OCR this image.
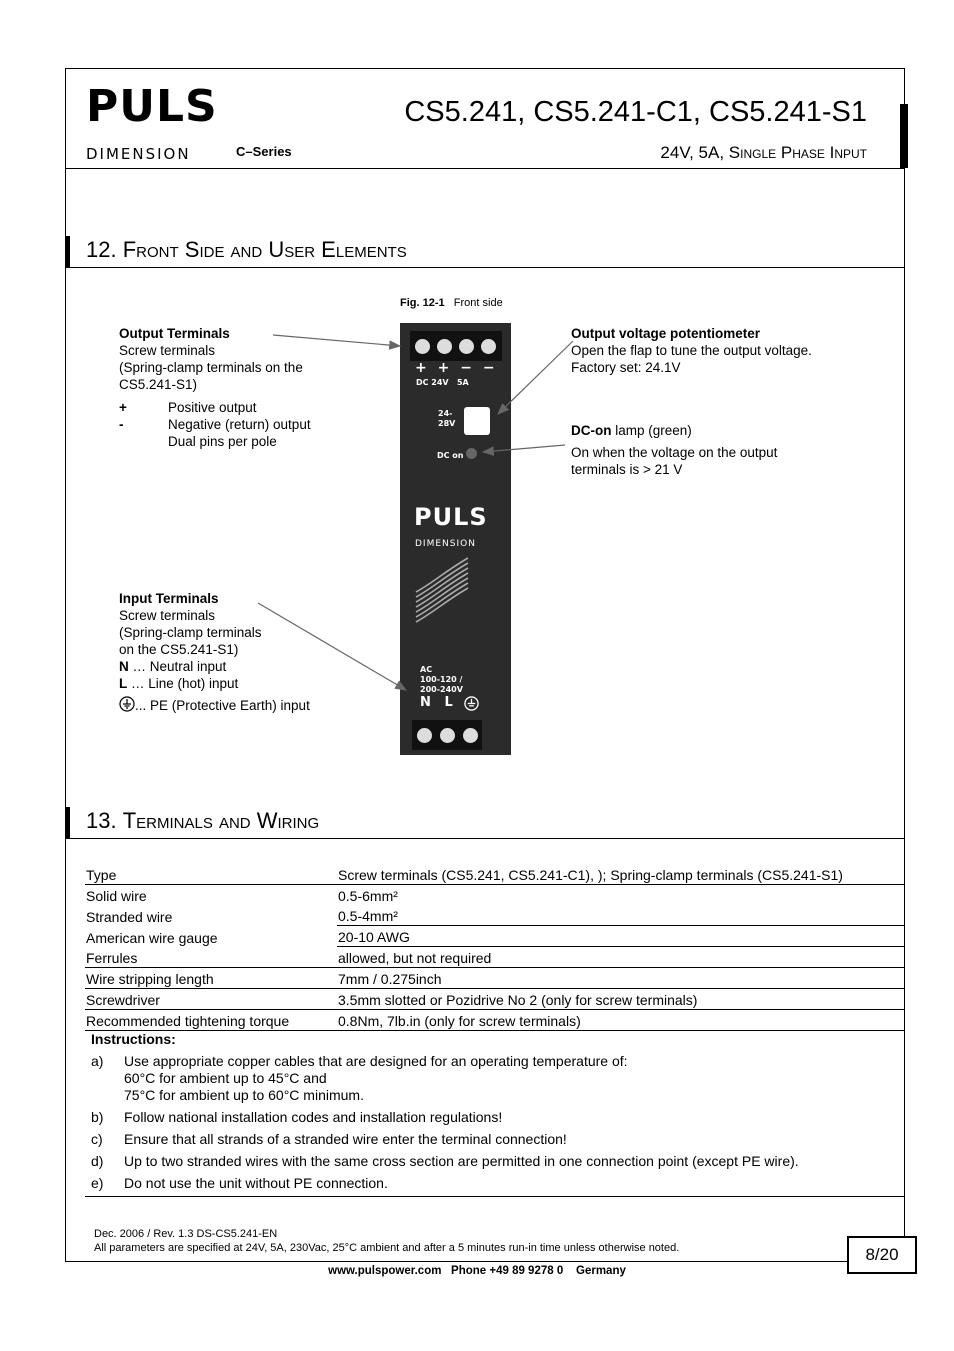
PULS
DIMENSION	C–Series
CS5.241, CS5.241-C1, CS5.241-S1
24V, 5A, Single Phase Input
12. Front Side and User Elements
Fig. 12-1 Front side
Output Terminals
Screw terminals
(Spring-clamp terminals on the
CS5.241-S1)
+	Positive output
-	Negative (return) output
Dual pins per pole
Input Terminals
Screw terminals
(Spring-clamp terminals
on the CS5.241-S1)
N … Neutral input
L … Line (hot) input
... PE (Protective Earth) input
Output voltage potentiometer
Open the flap to tune the output voltage.
Factory set: 24.1V
DC-on lamp (green)
On when the voltage on the output
terminals is > 21 V
+ + − −
DC 24V   5A
24-
28V
DC on
PULS
DIMENSION
AC
100-120 /
200-240V
N   L
13. Terminals and Wiring
Type	Screw terminals (CS5.241, CS5.241-C1), ); Spring-clamp terminals (CS5.241-S1)
Solid wire	0.5-6mm²
Stranded wire	0.5-4mm²
American wire gauge	20-10 AWG
Ferrules	allowed, but not required
Wire stripping length	7mm / 0.275inch
Screwdriver	3.5mm slotted or Pozidrive No 2 (only for screw terminals)
Recommended tightening torque	0.8Nm, 7lb.in (only for screw terminals)
Instructions:
a) Use appropriate copper cables that are designed for an operating temperature of:
60°C for ambient up to 45°C and
75°C for ambient up to 60°C minimum.
b) Follow national installation codes and installation regulations!
c) Ensure that all strands of a stranded wire enter the terminal connection!
d) Up to two stranded wires with the same cross section are permitted in one connection point (except PE wire).
e) Do not use the unit without PE connection.
Dec. 2006 / Rev. 1.3 DS-CS5.241-EN
All parameters are specified at 24V, 5A, 230Vac, 25°C ambient and after a 5 minutes run-in time unless otherwise noted.	8/20
www.pulspower.com   Phone +49 89 9278 0    Germany
